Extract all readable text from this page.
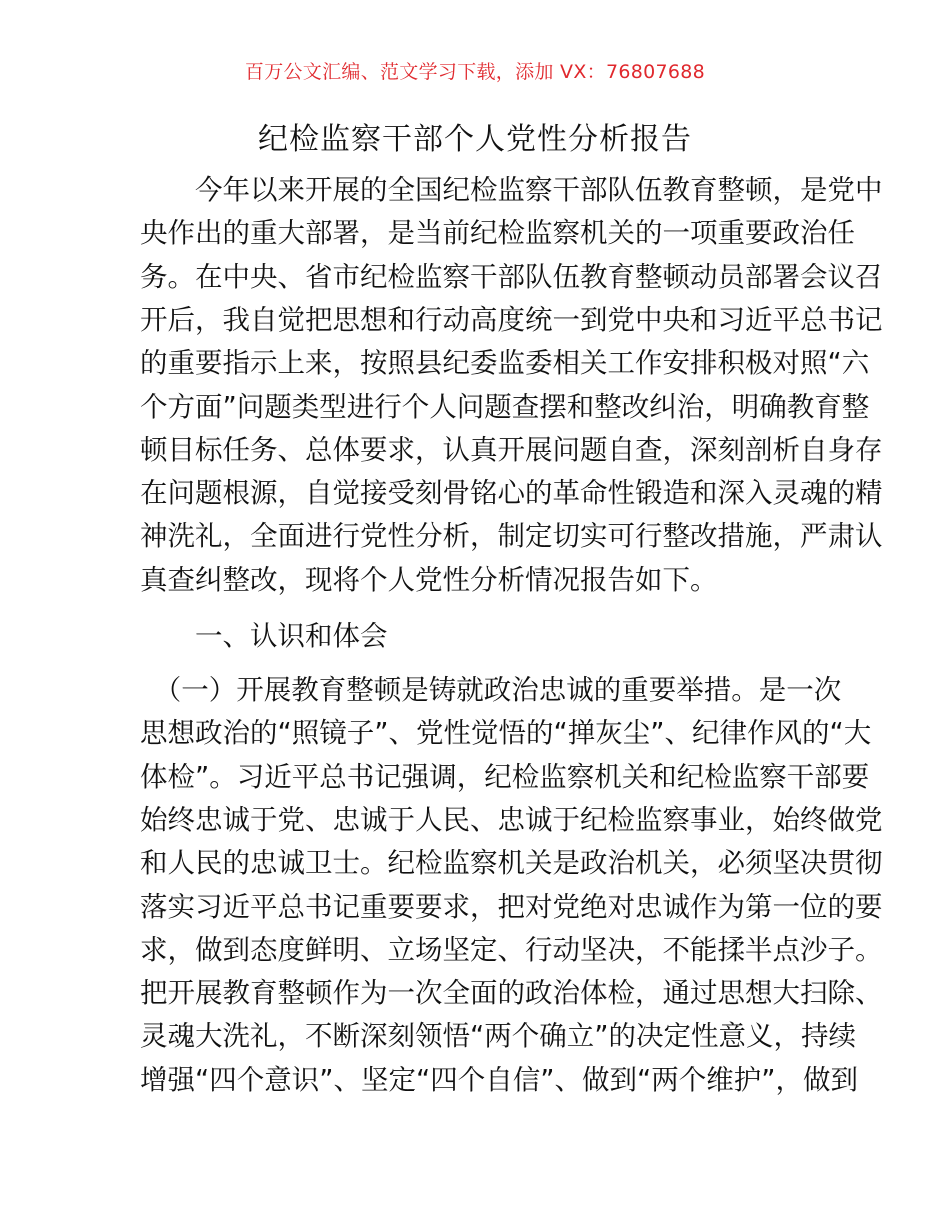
百万公文汇编、范文学习下载，添加 VX：76807688
纪检监察干部个人党性分析报告
　　今年以来开展的全国纪检监察干部队伍教育整顿，是党中
央作出的重大部署，是当前纪检监察机关的一项重要政治任
务。在中央、省市纪检监察干部队伍教育整顿动员部署会议召
开后，我自觉把思想和行动高度统一到党中央和习近平总书记
的重要指示上来，按照县纪委监委相关工作安排积极对照“六
个方面”问题类型进行个人问题查摆和整改纠治，明确教育整
顿目标任务、总体要求，认真开展问题自查，深刻剖析自身存
在问题根源，自觉接受刻骨铭心的革命性锻造和深入灵魂的精
神洗礼，全面进行党性分析，制定切实可行整改措施，严肃认
真查纠整改，现将个人党性分析情况报告如下。
　　一、认识和体会
　（一）开展教育整顿是铸就政治忠诚的重要举措。是一次
思想政治的“照镜子”、党性觉悟的“掸灰尘”、纪律作风的“大
体检”。习近平总书记强调，纪检监察机关和纪检监察干部要
始终忠诚于党、忠诚于人民、忠诚于纪检监察事业，始终做党
和人民的忠诚卫士。纪检监察机关是政治机关，必须坚决贯彻
落实习近平总书记重要要求，把对党绝对忠诚作为第一位的要
求，做到态度鲜明、立场坚定、行动坚决，不能揉半点沙子。
把开展教育整顿作为一次全面的政治体检，通过思想大扫除、
灵魂大洗礼，不断深刻领悟“两个确立”的决定性意义，持续
增强“四个意识”、坚定“四个自信”、做到“两个维护”，做到
